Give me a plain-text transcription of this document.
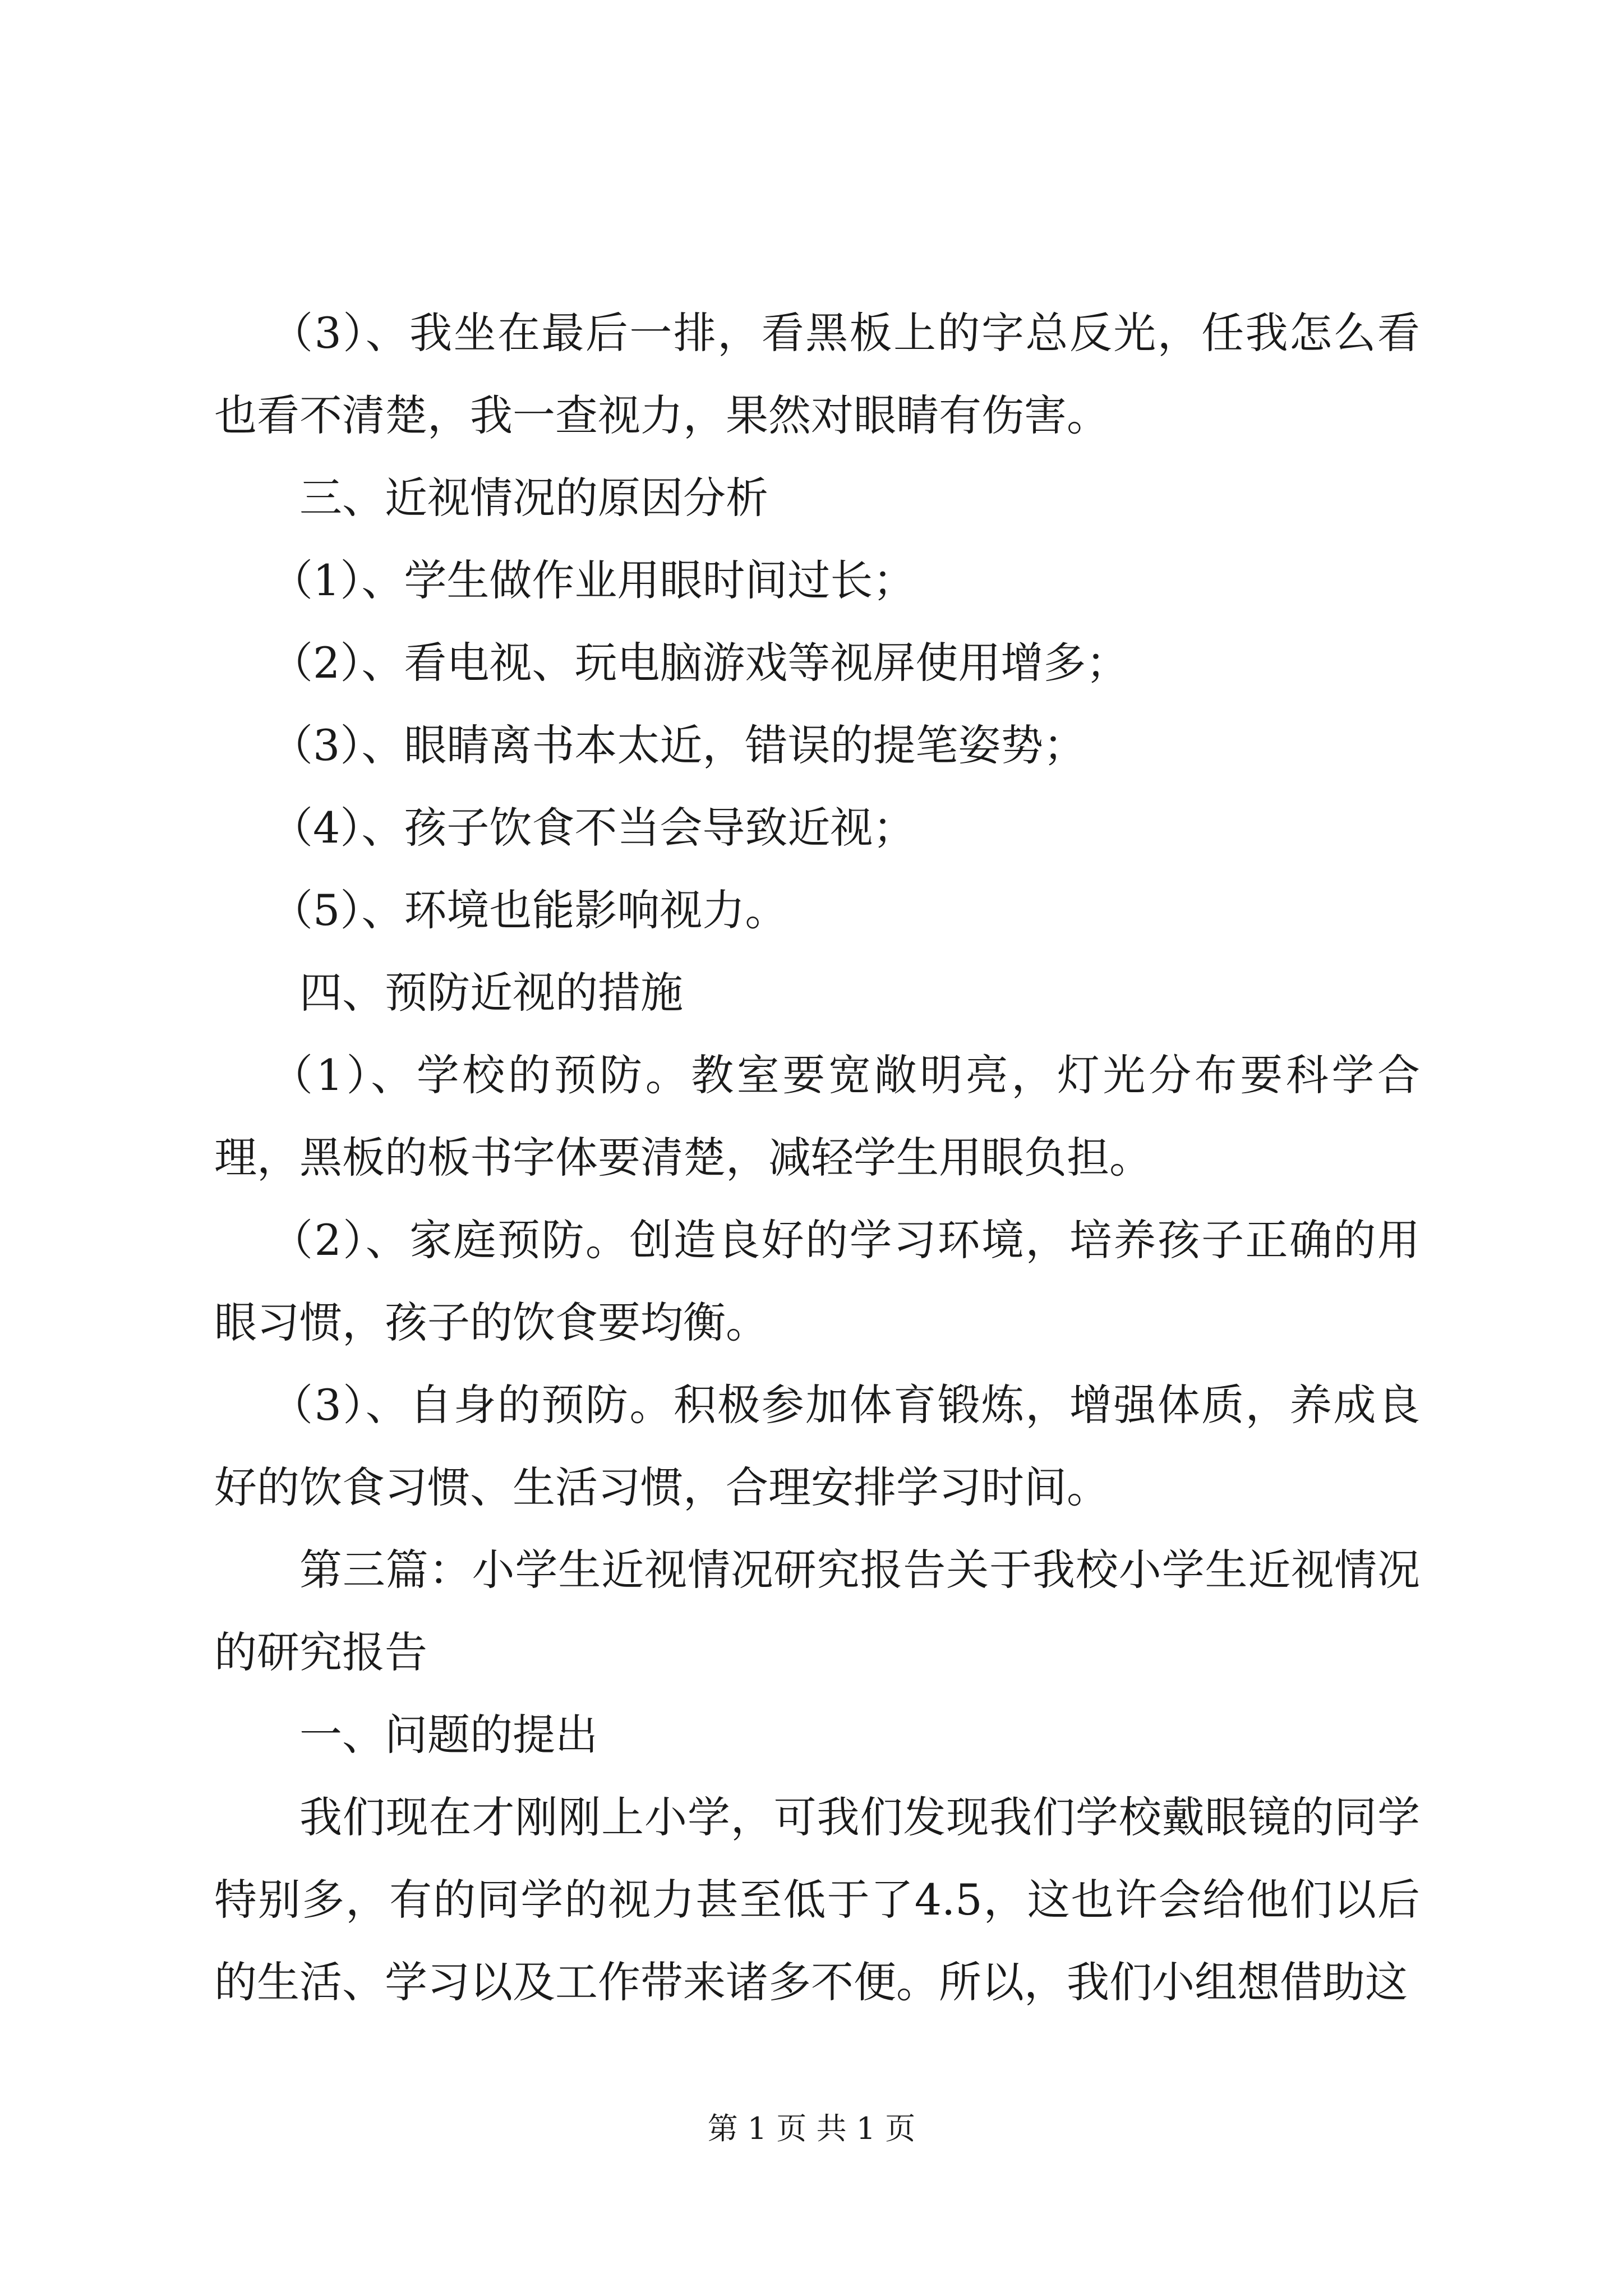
（3）、我坐在最后一排，看黑板上的字总反光，任我怎么看也看不清楚，我一查视力，果然对眼睛有伤害。

三、近视情况的原因分析

（1）、学生做作业用眼时间过长；

（2）、看电视、玩电脑游戏等视屏使用增多；

（3）、眼睛离书本太近，错误的提笔姿势；

（4）、孩子饮食不当会导致近视；

（5）、环境也能影响视力。

四、预防近视的措施

（1）、学校的预防。教室要宽敞明亮，灯光分布要科学合理，黑板的板书字体要清楚，减轻学生用眼负担。

（2）、家庭预防。创造良好的学习环境，培养孩子正确的用眼习惯，孩子的饮食要均衡。

（3）、自身的预防。积极参加体育锻炼，增强体质，养成良好的饮食习惯、生活习惯，合理安排学习时间。

第三篇：小学生近视情况研究报告关于我校小学生近视情况的研究报告

一、问题的提出

我们现在才刚刚上小学，可我们发现我们学校戴眼镜的同学特别多，有的同学的视力甚至低于了4.5，这也许会给他们以后的生活、学习以及工作带来诸多不便。所以，我们小组想借助这

第 1 页 共 1 页
